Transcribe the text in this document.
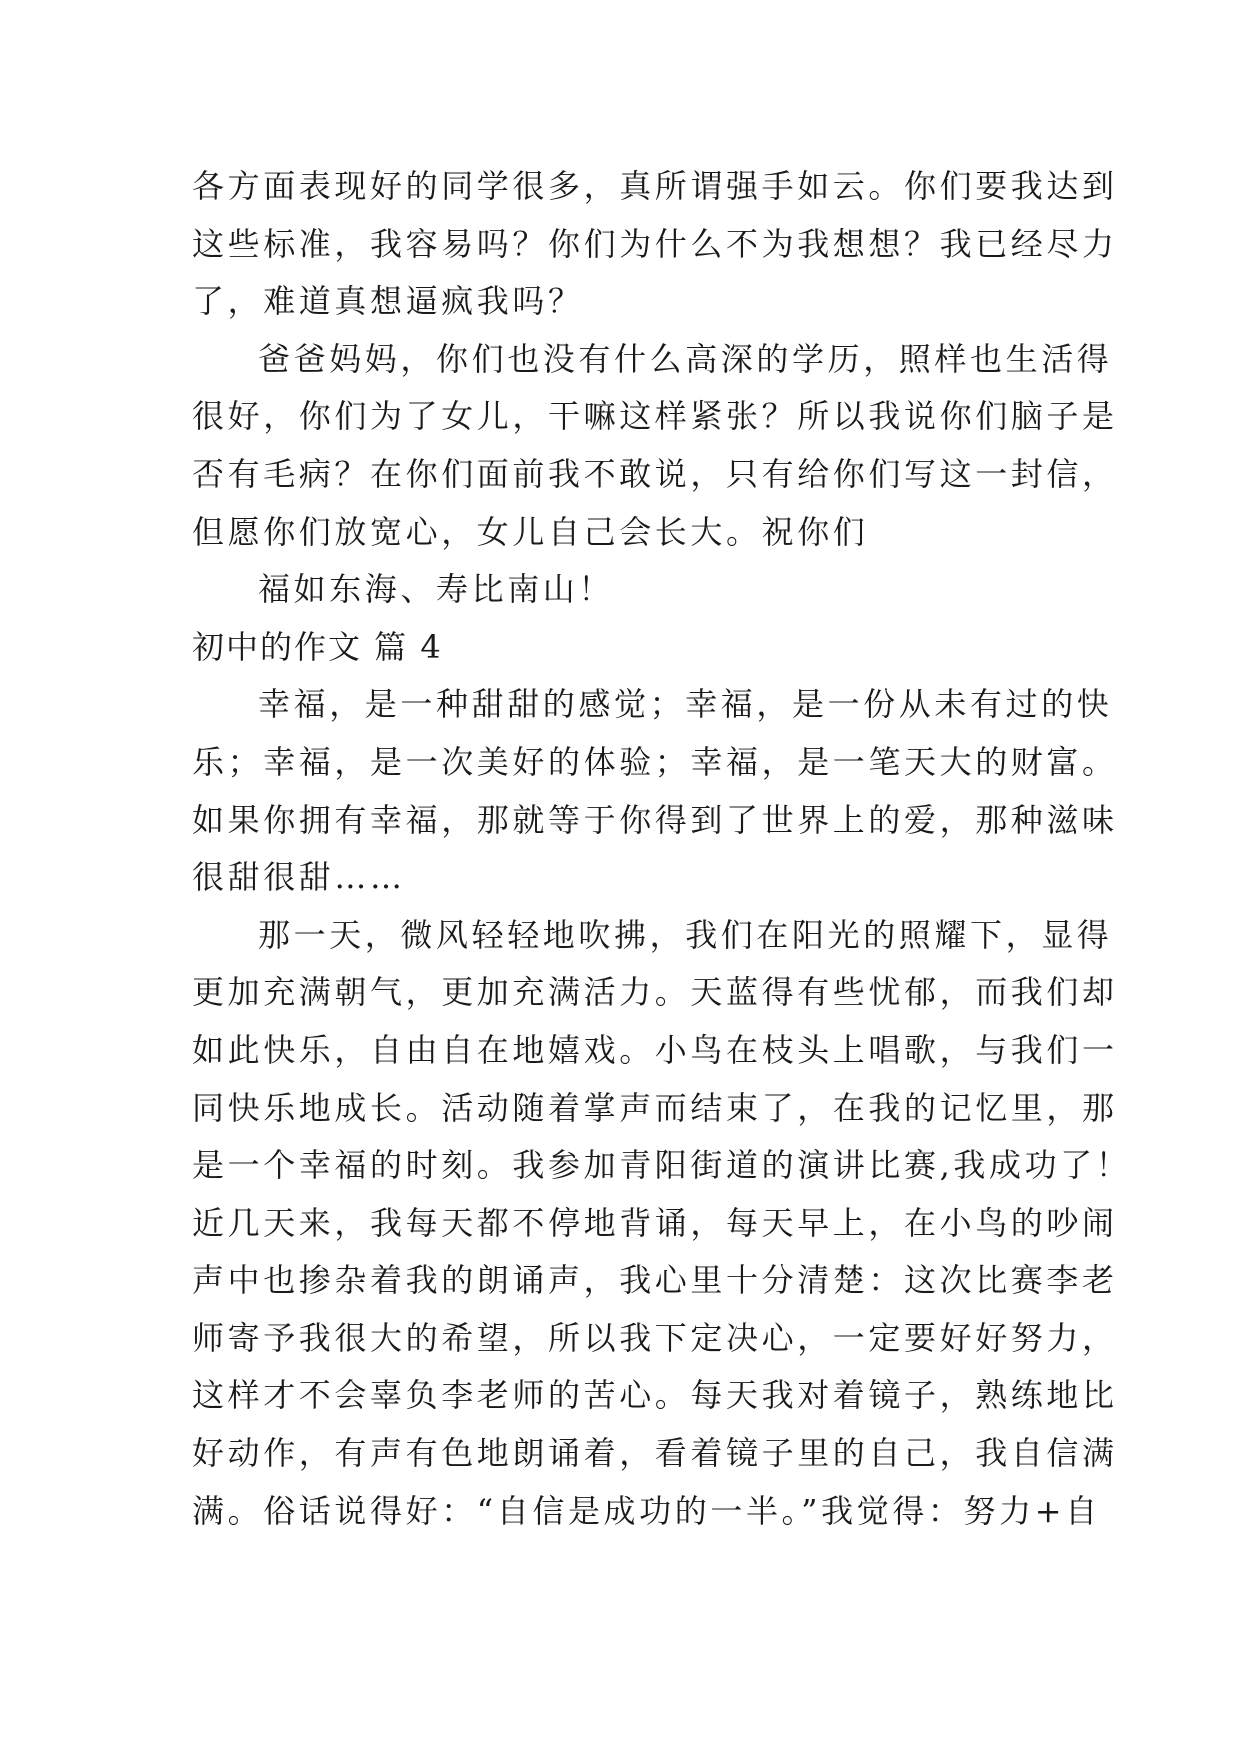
各方面表现好的同学很多，真所谓强手如云。你们要我达到
这些标准，我容易吗？你们为什么不为我想想？我已经尽力
了，难道真想逼疯我吗？
爸爸妈妈，你们也没有什么高深的学历，照样也生活得
很好，你们为了女儿，干嘛这样紧张？所以我说你们脑子是
否有毛病？在你们面前我不敢说，只有给你们写这一封信，
但愿你们放宽心，女儿自己会长大。祝你们
福如东海、寿比南山！
初中的作文 篇 4
幸福，是一种甜甜的感觉；幸福，是一份从未有过的快
乐；幸福，是一次美好的体验；幸福，是一笔天大的财富。
如果你拥有幸福，那就等于你得到了世界上的爱，那种滋味
很甜很甜……
那一天，微风轻轻地吹拂，我们在阳光的照耀下，显得
更加充满朝气，更加充满活力。天蓝得有些忧郁，而我们却
如此快乐，自由自在地嬉戏。小鸟在枝头上唱歌，与我们一
同快乐地成长。活动随着掌声而结束了，在我的记忆里，那
是一个幸福的时刻。我参加青阳街道的演讲比赛,我成功了！
近几天来，我每天都不停地背诵，每天早上，在小鸟的吵闹
声中也掺杂着我的朗诵声，我心里十分清楚：这次比赛李老
师寄予我很大的希望，所以我下定决心，一定要好好努力，
这样才不会辜负李老师的苦心。每天我对着镜子，熟练地比
好动作，有声有色地朗诵着，看着镜子里的自己，我自信满
满。俗话说得好：“自信是成功的一半。”我觉得：努力+自
